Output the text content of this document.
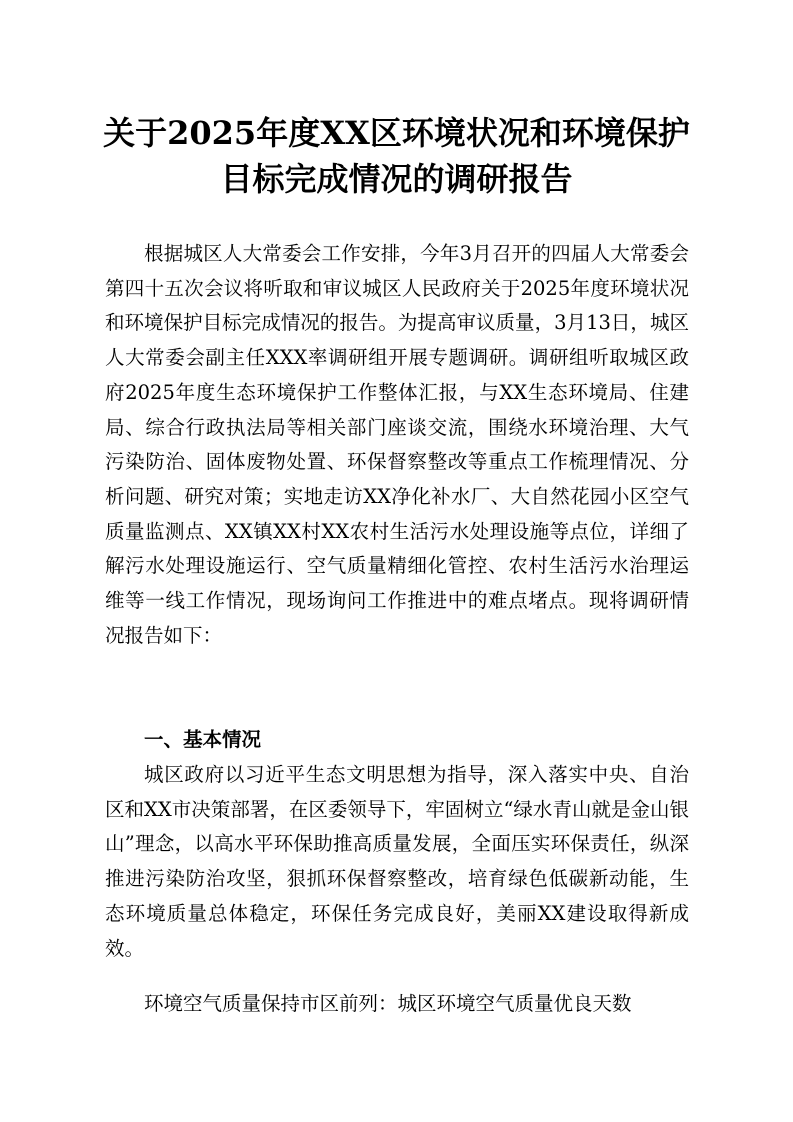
关于2025年度XX区环境状况和环境保护
目标完成情况的调研报告

根据城区人大常委会工作安排，今年3月召开的四届人大常委会第四十五次会议将听取和审议城区人民政府关于2025年度环境状况和环境保护目标完成情况的报告。为提高审议质量，3月13日，城区人大常委会副主任XXX率调研组开展专题调研。调研组听取城区政府2025年度生态环境保护工作整体汇报，与XX生态环境局、住建局、综合行政执法局等相关部门座谈交流，围绕水环境治理、大气污染防治、固体废物处置、环保督察整改等重点工作梳理情况、分析问题、研究对策；实地走访XX净化补水厂、大自然花园小区空气质量监测点、XX镇XX村XX农村生活污水处理设施等点位，详细了解污水处理设施运行、空气质量精细化管控、农村生活污水治理运维等一线工作情况，现场询问工作推进中的难点堵点。现将调研情况报告如下：

一、基本情况

城区政府以习近平生态文明思想为指导，深入落实中央、自治区和XX市决策部署，在区委领导下，牢固树立“绿水青山就是金山银山”理念，以高水平环保助推高质量发展，全面压实环保责任，纵深推进污染防治攻坚，狠抓环保督察整改，培育绿色低碳新动能，生态环境质量总体稳定，环保任务完成良好，美丽XX建设取得新成效。

环境空气质量保持市区前列：城区环境空气质量优良天数
